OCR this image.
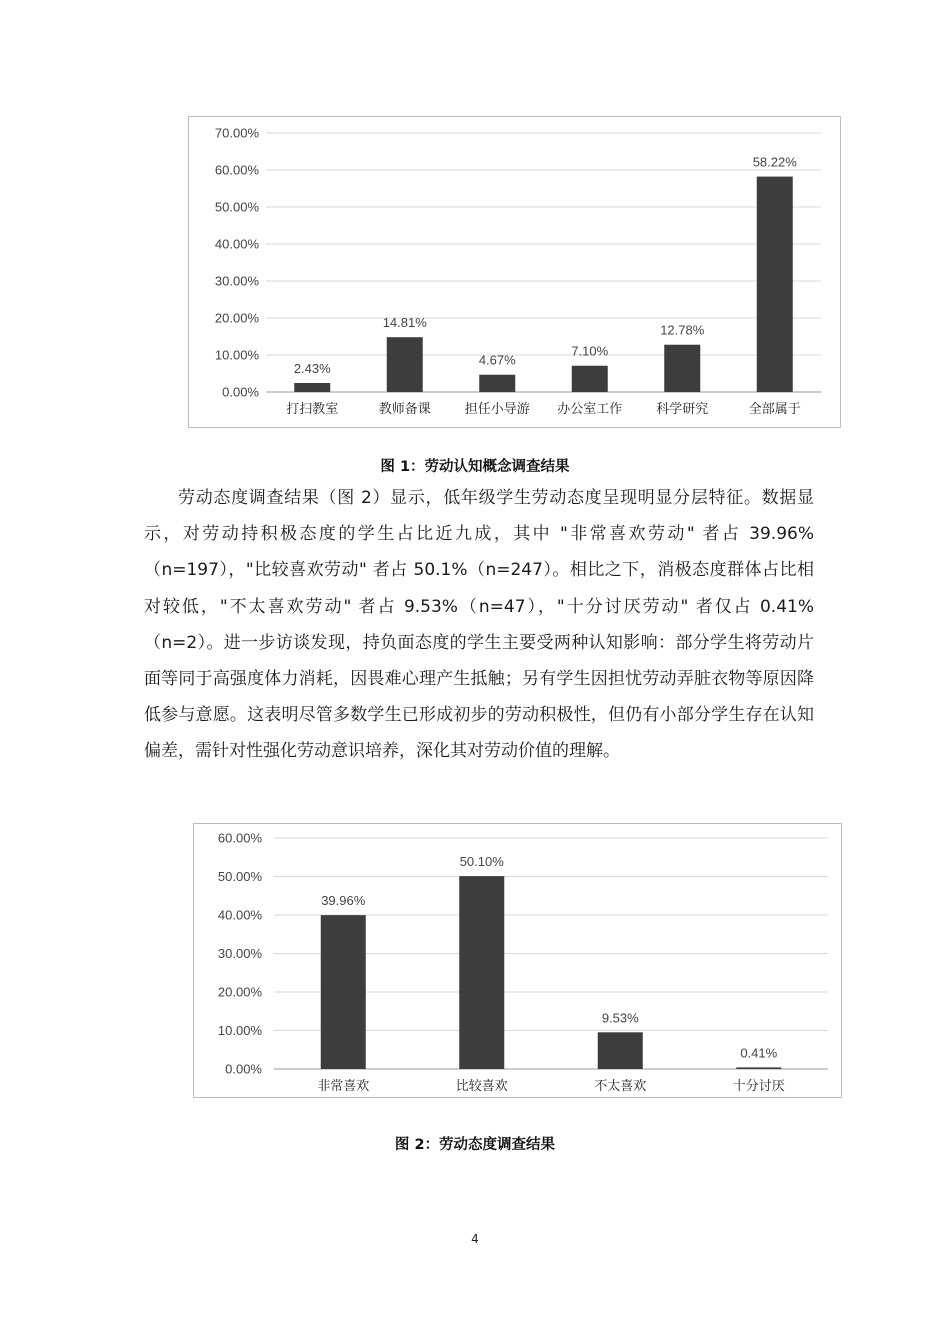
0.00%
10.00%
20.00%
30.00%
40.00%
50.00%
60.00%
70.00%
2.43%
打扫教室
14.81%
教师备课
4.67%
担任小导游
7.10%
办公室工作
12.78%
科学研究
58.22%
全部属于
图 1：劳动认知概念调查结果

劳动态度调查结果（图 2）显示，低年级学生劳动态度呈现明显分层特征。数据显示，对劳动持积极态度的学生占比近九成，其中 "非常喜欢劳动" 者占 39.96%（n=197），"比较喜欢劳动" 者占 50.1%（n=247）。相比之下，消极态度群体占比相对较低，"不太喜欢劳动" 者占 9.53%（n=47），"十分讨厌劳动" 者仅占 0.41%（n=2）。进一步访谈发现，持负面态度的学生主要受两种认知影响：部分学生将劳动片面等同于高强度体力消耗，因畏难心理产生抵触；另有学生因担忧劳动弄脏衣物等原因降低参与意愿。这表明尽管多数学生已形成初步的劳动积极性，但仍有小部分学生存在认知偏差，需针对性强化劳动意识培养，深化其对劳动价值的理解。

0.00%
10.00%
20.00%
30.00%
40.00%
50.00%
60.00%
39.96%
非常喜欢
50.10%
比较喜欢
9.53%
不太喜欢
0.41%
十分讨厌
图 2：劳动态度调查结果
4
